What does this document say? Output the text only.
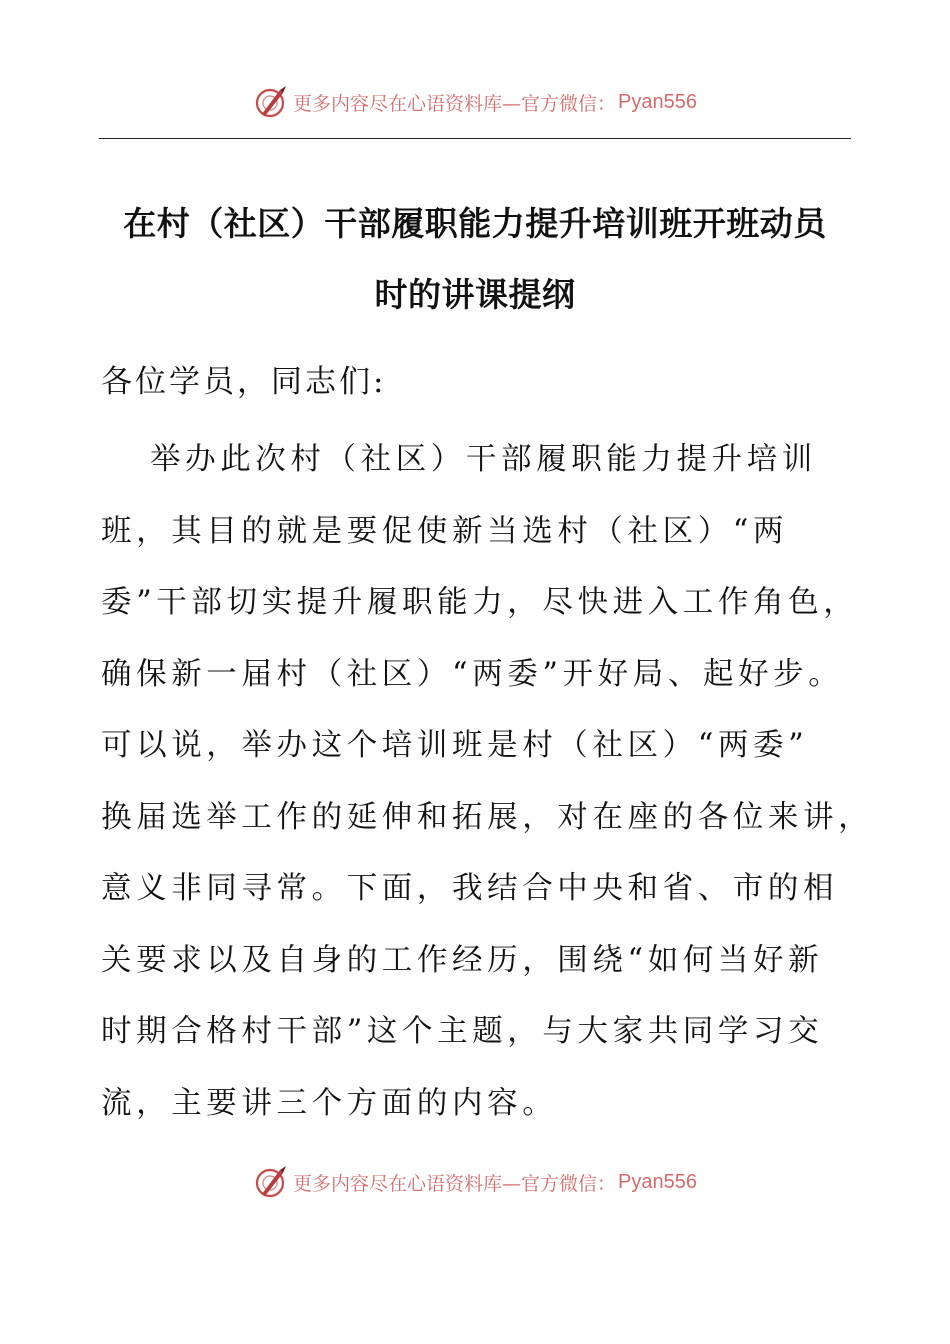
更多内容尽在心语资料库—官方微信： Pyan556
在村（社区）干部履职能力提升培训班开班动员
时的讲课提纲

各位学员，同志们:

举办此次村（社区）干部履职能力提升培训
班，其目的就是要促使新当选村（社区）“两
委”干部切实提升履职能力，尽快进入工作角色，
确保新一届村（社区）“两委”开好局、起好步。
可以说，举办这个培训班是村（社区）“两委”
换届选举工作的延伸和拓展，对在座的各位来讲，
意义非同寻常。下面，我结合中央和省、市的相
关要求以及自身的工作经历，围绕“如何当好新
时期合格村干部”这个主题，与大家共同学习交
流，主要讲三个方面的内容。

更多内容尽在心语资料库—官方微信： Pyan556
